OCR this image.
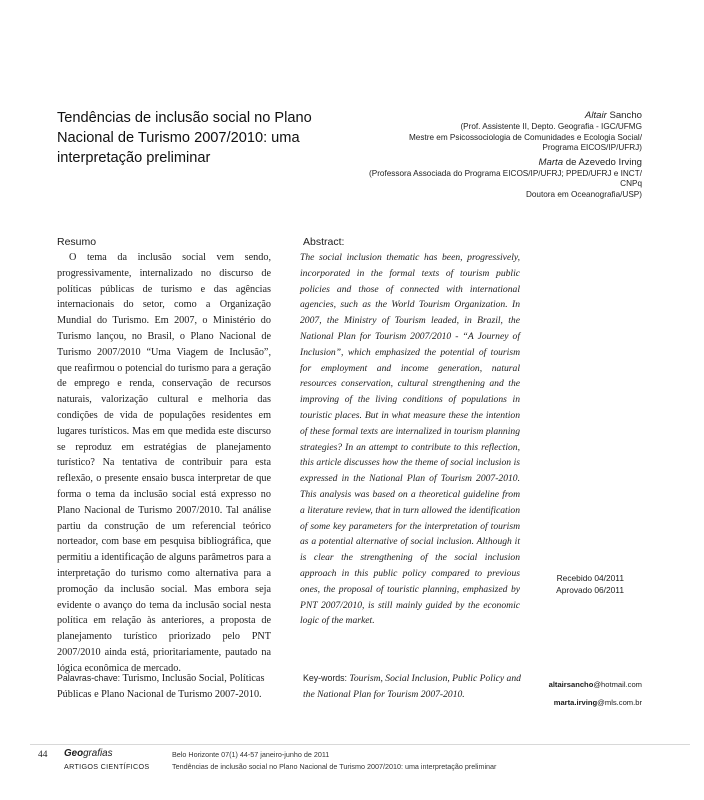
Tendências de inclusão social no Plano Nacional de Turismo 2007/2010: uma interpretação preliminar
Altair Sancho
(Prof. Assistente II, Depto. Geografia - IGC/UFMG
Mestre em Psicossociologia de Comunidades e Ecologia Social/
Programa EICOS/IP/UFRJ)
Marta de Azevedo Irving
(Professora Associada do Programa EICOS/IP/UFRJ; PPED/UFRJ e INCT/
CNPq
Doutora em Oceanografia/USP)
Resumo	Abstract:
O tema da inclusão social vem sendo, progressivamente, internalizado no discurso de políticas públicas de turismo e das agências internacionais do setor, como a Organização Mundial do Turismo. Em 2007, o Ministério do Turismo lançou, no Brasil, o Plano Nacional de Turismo 2007/2010 “Uma Viagem de Inclusão”, que reafirmou o potencial do turismo para a geração de emprego e renda, conservação de recursos naturais, valorização cultural e melhoria das condições de vida de populações residentes em lugares turísticos. Mas em que medida este discurso se reproduz em estratégias de planejamento turístico? Na tentativa de contribuir para esta reflexão, o presente ensaio busca interpretar de que forma o tema da inclusão social está expresso no Plano Nacional de Turismo 2007/2010. Tal análise partiu da construção de um referencial teórico norteador, com base em pesquisa bibliográfica, que permitiu a identificação de alguns parâmetros para a interpretação do turismo como alternativa para a promoção da inclusão social. Mas embora seja evidente o avanço do tema da inclusão social nesta política em relação às anteriores, a proposta de planejamento turístico priorizado pelo PNT 2007/2010 ainda está, prioritariamente, pautado na lógica econômica de mercado.
The social inclusion thematic has been, progressively, incorporated in the formal texts of tourism public policies and those of connected with international agencies, such as the World Tourism Organization. In 2007, the Ministry of Tourism leaded, in Brazil, the National Plan for Tourism 2007/2010 - “A Journey of Inclusion”, which emphasized the potential of tourism for employment and income generation, natural resources conservation, cultural strengthening and the improving of the living conditions of populations in touristic places. But in what measure these the intention of these formal texts are internalized in tourism planning strategies? In an attempt to contribute to this reflection, this article discusses how the theme of social inclusion is expressed in the National Plan of Tourism 2007-2010. This analysis was based on a theoretical guideline from a literature review, that in turn allowed the identification of some key parameters for the interpretation of tourism as a potential alternative of social inclusion. Although it is clear the strengthening of the social inclusion approach in this public policy compared to previous ones, the proposal of touristic planning, emphasized by PNT 2007/2010, is still mainly guided by the economic logic of the market.
Recebido 04/2011
Aprovado 06/2011
Palavras-chave: Turismo, Inclusão Social, Políticas Públicas e Plano Nacional de Turismo 2007-2010.
Key-words: Tourism, Social Inclusion, Public Policy and the National Plan for Tourism 2007-2010.
altairsancho@hotmail.com
marta.irving@mls.com.br
44 Geografias
ARTIGOS CIENTÍFICOS
Belo Horizonte 07(1) 44-57 janeiro-junho de 2011
Tendências de inclusão social no Plano Nacional de Turismo 2007/2010: uma interpretação preliminar
